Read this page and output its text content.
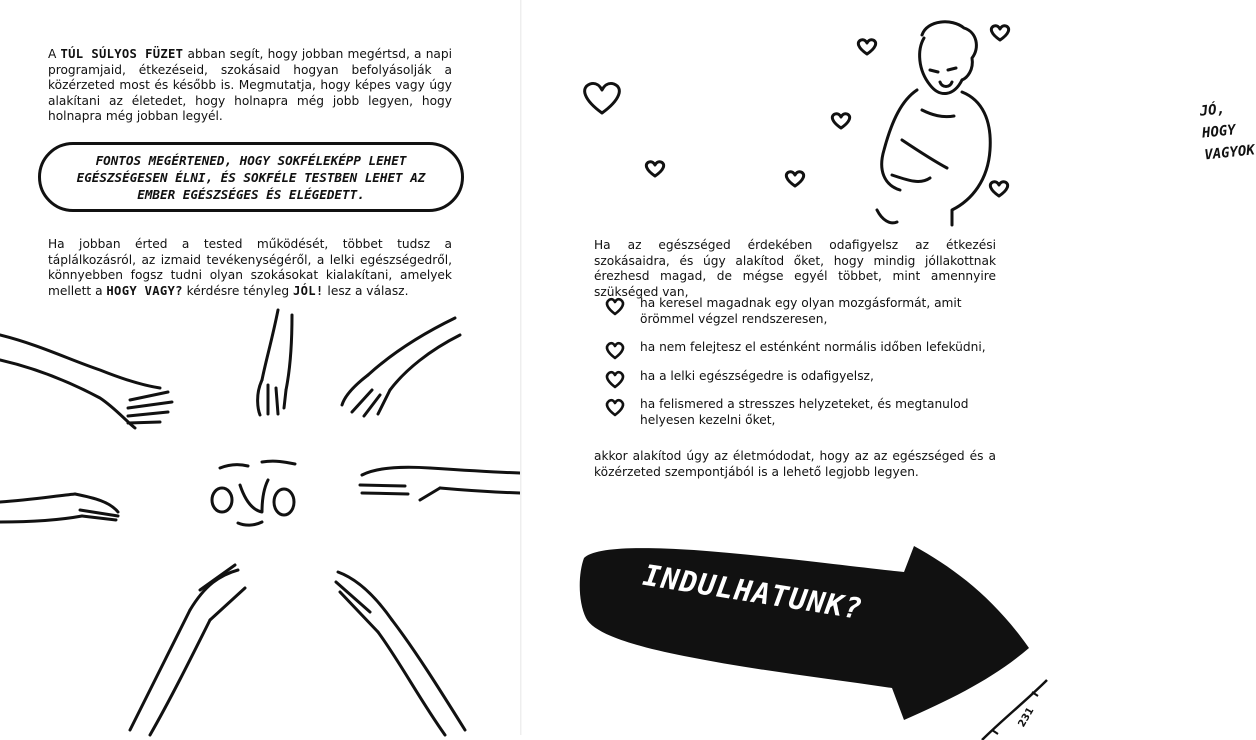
A TÚL SÚLYOS FÜZET abban segít, hogy jobban megértsd, a napi programjaid, étkezéseid, szokásaid hogyan befolyásolják a közérzeted most és később is. Megmutatja, hogy képes vagy úgy alakítani az életedet, hogy holnapra még jobb legyen, hogy holnapra még jobban legyél.
FONTOS MEGÉRTENED, HOGY SOKFÉLEKÉPP LEHET EGÉSZSÉGESEN ÉLNI, ÉS SOKFÉLE TESTBEN LEHET AZ EMBER EGÉSZSÉGES ÉS ELÉGEDETT.
Ha jobban érted a tested működését, többet tudsz a táplálkozásról, az izmaid tevékenységéről, a lelki egészségedről, könnyebben fogsz tudni olyan szokásokat kialakítani, amelyek mellett a HOGY VAGY? kérdésre tényleg JÓL! lesz a válasz.
JÓ, HOGY
VAGYOK
Ha az egészséged érdekében odafigyelsz az étkezési szokásaidra, és úgy alakítod őket, hogy mindig jóllakottnak érezhesd magad, de mégse egyél többet, mint amennyire szükséged van,
ha keresel magadnak egy olyan mozgásformát, amit örömmel végzel rendszeresen,
ha nem felejtesz el esténként normális időben lefeküdni,
ha a lelki egészségedre is odafigyelsz,
ha felismered a stresszes helyzeteket, és megtanulod helyesen kezelni őket,
akkor alakítod úgy az életmódodat, hogy az az egészséged és a közérzeted szempontjából is a lehető legjobb legyen.
INDULHATUNK?
231
